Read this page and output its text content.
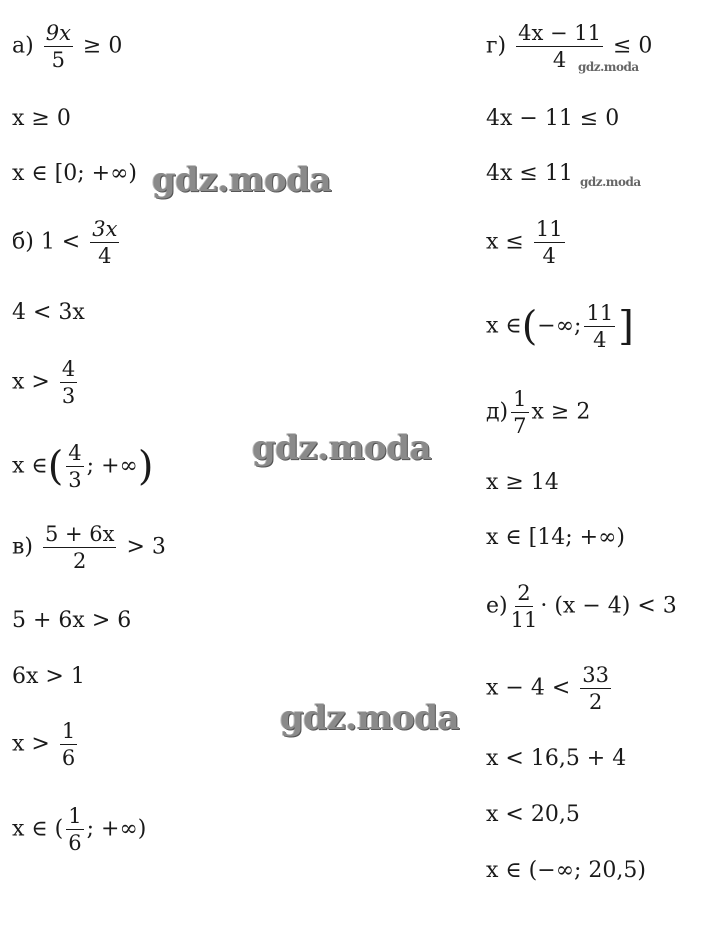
$а) \frac{9x}{5} \ge 0$
x ≥ 0
x ∈ [0; +∞)
б) $1 < \frac{3x}{4}$
4 < 3x
$x > \frac{4}{3}$
x ∈( $\frac{4}{3}$ ; +∞)
$в) \frac{5 + 6x}{2} > 3$
5 + 6x > 6
6x > 1
$x > \frac{1}{6}$
x ∈ ( $\frac{1}{6}$ ; +∞)
$г) \frac{4x - 11}{4} \le 0$
4x − 11 ≤ 0
4x ≤ 11
$x \le \frac{11}{4}$
x ∈(−∞; $\frac{11}{4}$ ]
$д) \frac{1}{7}$ x ≥ 2
x ≥ 14
x ∈ [14; +∞)
$е) \frac{2}{11} \cdot (x - 4) < 3$
$x - 4 < \frac{33}{2}$
x < 16,5 + 4
x < 20,5
x ∈ (−∞; 20,5)
gdz.moda
gdz.moda
gdz.moda
gdz.moda
gdz.moda
